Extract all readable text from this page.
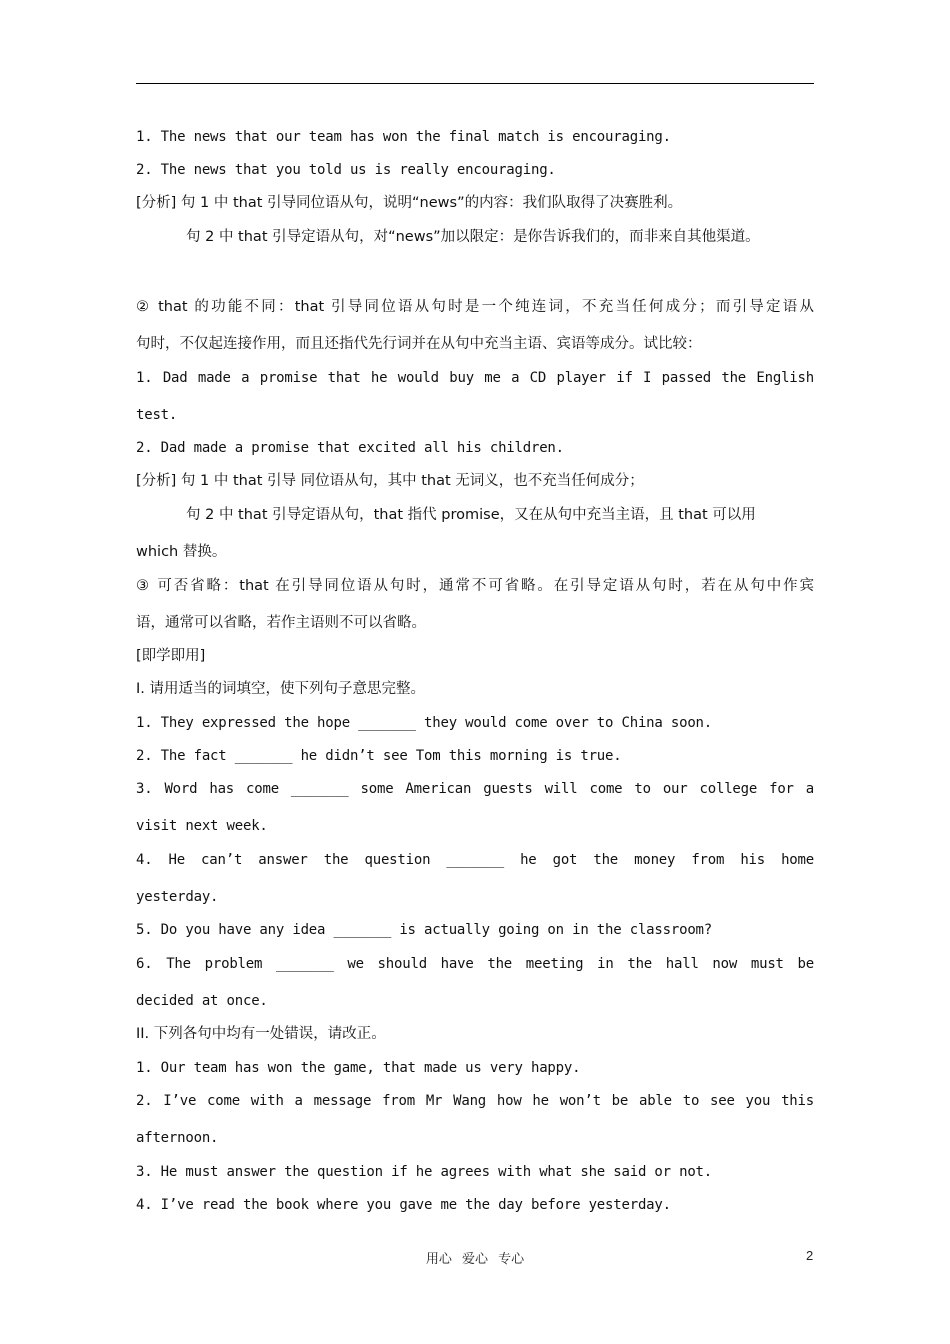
1. The news that our team has won the final match is encouraging.
2. The news that you told us is really encouraging.
[分析] 句 1 中 that 引导同位语从句，说明“news”的内容：我们队取得了决赛胜利。
句 2 中 that 引导定语从句，对“news”加以限定：是你告诉我们的，而非来自其他渠道。
② that 的功能不同：that 引导同位语从句时是一个纯连词，不充当任何成分；而引导定语从
句时，不仅起连接作用，而且还指代先行词并在从句中充当主语、宾语等成分。试比较：
1. Dad made a promise that he would buy me a CD player if I passed the English
test.
2. Dad made a promise that excited all his children.
[分析] 句 1 中 that 引导 同位语从句，其中 that 无词义，也不充当任何成分；
句 2 中 that 引导定语从句，that 指代 promise，又在从句中充当主语，且 that 可以用
which 替换。
③ 可否省略：that 在引导同位语从句时，通常不可省略。在引导定语从句时，若在从句中作宾
语，通常可以省略，若作主语则不可以省略。
[即学即用]
I. 请用适当的词填空，使下列句子意思完整。
1. They expressed the hope _______ they would come over to China soon.
2. The fact _______ he didn’t see Tom this morning is true.
3. Word has come _______ some American guests will come to our college for a
visit next week.
4. He can’t answer the question _______ he got the money from his home
yesterday.
5. Do you have any idea _______ is actually going on in the classroom?
6. The problem _______ we should have the meeting in the hall now must be
decided at once.
II. 下列各句中均有一处错误，请改正。
1. Our team has won the game, that made us very happy.
2. I’ve come with a message from Mr Wang how he won’t be able to see you this
afternoon.
3. He must answer the question if he agrees with what she said or not.
4. I’ve read the book where you gave me the day before yesterday.
用心 爱心 专心	2
